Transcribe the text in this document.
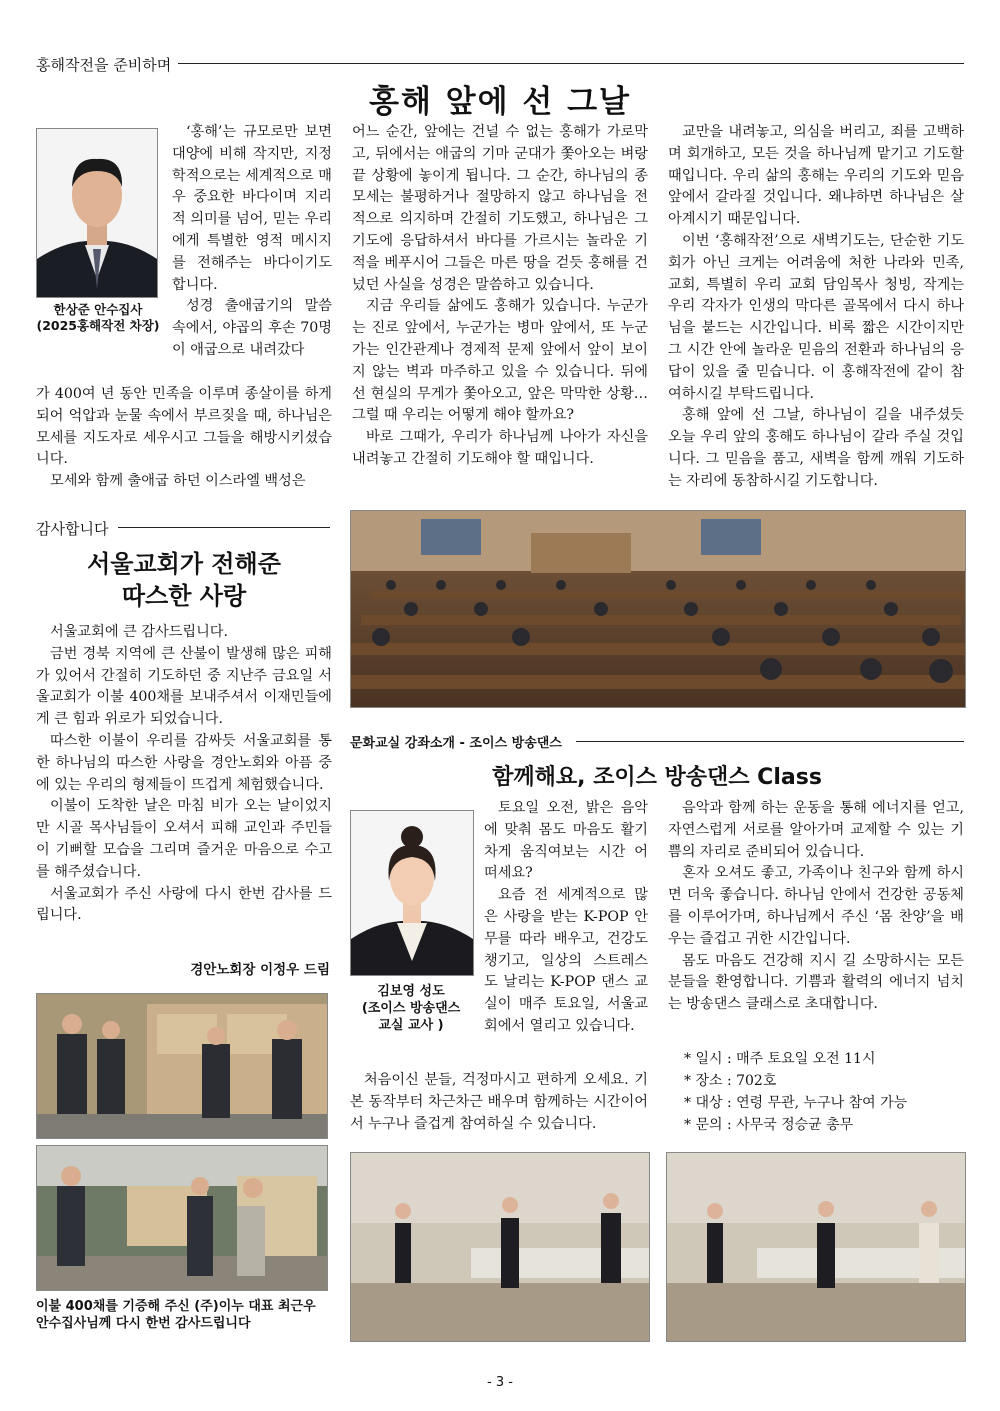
홍해작전을 준비하며
홍해 앞에 선 그날
한상준 안수집사
(2025홍해작전 차장)

‘홍해’는 규모로만 보면 대양에 비해 작지만, 지정학적으로는 세계적으로 매우 중요한 바다이며 지리적 의미를 넘어, 믿는 우리에게 특별한 영적 메시지를 전해주는 바다이기도 합니다.

성경 출애굽기의 말씀 속에서, 야곱의 후손 70명이 애굽으로 내려갔다

가 400여 년 동안 민족을 이루며 종살이를 하게 되어 억압과 눈물 속에서 부르짖을 때, 하나님은 모세를 지도자로 세우시고 그들을 해방시키셨습니다.

모세와 함께 출애굽 하던 이스라엘 백성은

어느 순간, 앞에는 건널 수 없는 홍해가 가로막고, 뒤에서는 애굽의 기마 군대가 쫓아오는 벼랑 끝 상황에 놓이게 됩니다. 그 순간, 하나님의 종 모세는 불평하거나 절망하지 않고 하나님을 전적으로 의지하며 간절히 기도했고, 하나님은 그 기도에 응답하셔서 바다를 가르시는 놀라운 기적을 베푸시어 그들은 마른 땅을 걷듯 홍해를 건넜던 사실을 성경은 말씀하고 있습니다.

지금 우리들 삶에도 홍해가 있습니다. 누군가는 진로 앞에서, 누군가는 병마 앞에서, 또 누군가는 인간관계나 경제적 문제 앞에서 앞이 보이지 않는 벽과 마주하고 있을 수 있습니다. 뒤에선 현실의 무게가 쫓아오고, 앞은 막막한 상황… 그럴 때 우리는 어떻게 해야 할까요?

바로 그때가, 우리가 하나님께 나아가 자신을 내려놓고 간절히 기도해야 할 때입니다.

교만을 내려놓고, 의심을 버리고, 죄를 고백하며 회개하고, 모든 것을 하나님께 맡기고 기도할 때입니다. 우리 삶의 홍해는 우리의 기도와 믿음 앞에서 갈라질 것입니다. 왜냐하면 하나님은 살아계시기 때문입니다.

이번 ‘홍해작전’으로 새벽기도는, 단순한 기도회가 아닌 크게는 어려움에 처한 나라와 민족, 교회, 특별히 우리 교회 담임목사 청빙, 작게는 우리 각자가 인생의 막다른 골목에서 다시 하나님을 붙드는 시간입니다. 비록 짧은 시간이지만 그 시간 안에 놀라운 믿음의 전환과 하나님의 응답이 있을 줄 믿습니다. 이 홍해작전에 같이 참여하시길 부탁드립니다.

홍해 앞에 선 그날, 하나님이 길을 내주셨듯 오늘 우리 앞의 홍해도 하나님이 갈라 주실 것입니다. 그 믿음을 품고, 새벽을 함께 깨워 기도하는 자리에 동참하시길 기도합니다.

감사합니다
서울교회가 전해준
따스한 사랑

서울교회에 큰 감사드립니다.

금번 경북 지역에 큰 산불이 발생해 많은 피해가 있어서 간절히 기도하던 중 지난주 금요일 서울교회가 이불 400채를 보내주셔서 이재민들에게 큰 힘과 위로가 되었습니다.

따스한 이불이 우리를 감싸듯 서울교회를 통한 하나님의 따스한 사랑을 경안노회와 아픔 중에 있는 우리의 형제들이 뜨겁게 체험했습니다.

이불이 도착한 날은 마침 비가 오는 날이었지만 시골 목사님들이 오셔서 피해 교인과 주민들이 기뻐할 모습을 그리며 즐거운 마음으로 수고를 해주셨습니다.

서울교회가 주신 사랑에 다시 한번 감사를 드립니다.

경안노회장 이정우 드림
이불 400채를 기증해 주신 (주)이누 대표 최근우 안수집사님께 다시 한번 감사드립니다
문화교실 강좌소개 - 조이스 방송댄스
함께해요, 조이스 방송댄스 Class
김보영 성도
(조이스 방송댄스
교실 교사 )

토요일 오전, 밝은 음악에 맞춰 몸도 마음도 활기차게 움직여보는 시간 어떠세요?

요즘 전 세계적으로 많은 사랑을 받는 K-POP 안무를 따라 배우고, 건강도 챙기고, 일상의 스트레스도 날리는 K-POP 댄스 교실이 매주 토요일, 서울교회에서 열리고 있습니다.

처음이신 분들, 걱정마시고 편하게 오세요. 기본 동작부터 차근차근 배우며 함께하는 시간이어서 누구나 즐겁게 참여하실 수 있습니다.

음악과 함께 하는 운동을 통해 에너지를 얻고, 자연스럽게 서로를 알아가며 교제할 수 있는 기쁨의 자리로 준비되어 있습니다.

혼자 오셔도 좋고, 가족이나 친구와 함께 하시면 더욱 좋습니다. 하나님 안에서 건강한 공동체를 이루어가며, 하나님께서 주신 ‘몸 찬양’을 배우는 즐겁고 귀한 시간입니다.

몸도 마음도 건강해 지시 길 소망하시는 모든 분들을 환영합니다. 기쁨과 활력의 에너지 넘치는 방송댄스 클래스로 초대합니다.

* 일시 : 매주 토요일 오전 11시
* 장소 : 702호
* 대상 : 연령 무관, 누구나 참여 가능
* 문의 : 사무국 정승균 총무
- 3 -
